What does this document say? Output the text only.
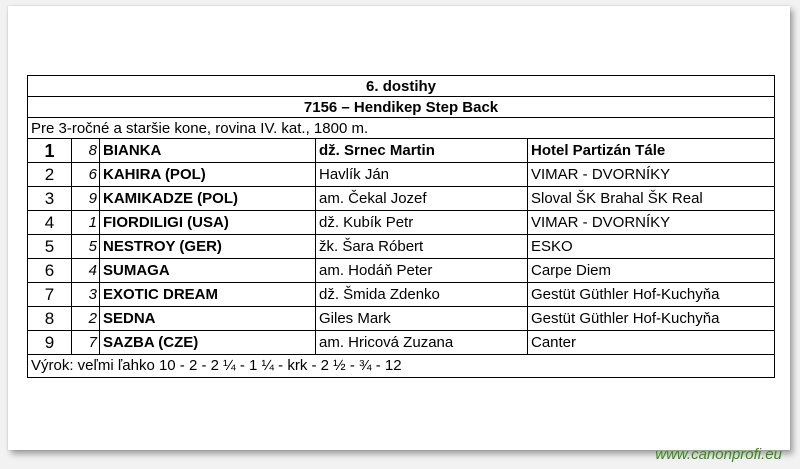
6. dostihy				
7156 – Hendikep Step Back				
Pre 3-ročné a staršie kone, rovina IV. kat., 1800 m.				
1	8	BIANKA	dž. Srnec Martin	Hotel Partizán Tále
2	6	KAHIRA (POL)	Havlík Ján	VIMAR - DVORNÍKY
3	9	KAMIKADZE (POL)	am. Čekal Jozef	Sloval ŠK Brahal ŠK Real
4	1	FIORDILIGI (USA)	dž. Kubík Petr	VIMAR - DVORNÍKY
5	5	NESTROY (GER)	žk. Šara Róbert	ESKO
6	4	SUMAGA	am. Hodáň Peter	Carpe Diem
7	3	EXOTIC DREAM	dž. Šmida Zdenko	Gestüt Güthler Hof-Kuchyňa
8	2	SEDNA	Giles Mark	Gestüt Güthler Hof-Kuchyňa
9	7	SAZBA (CZE)	am. Hricová Zuzana	Canter
Výrok: veľmi ľahko 10 - 2 - 2 ¼ - 1 ¼ - krk - 2 ½ - ¾ - 12				
www.canonprofi.eu
